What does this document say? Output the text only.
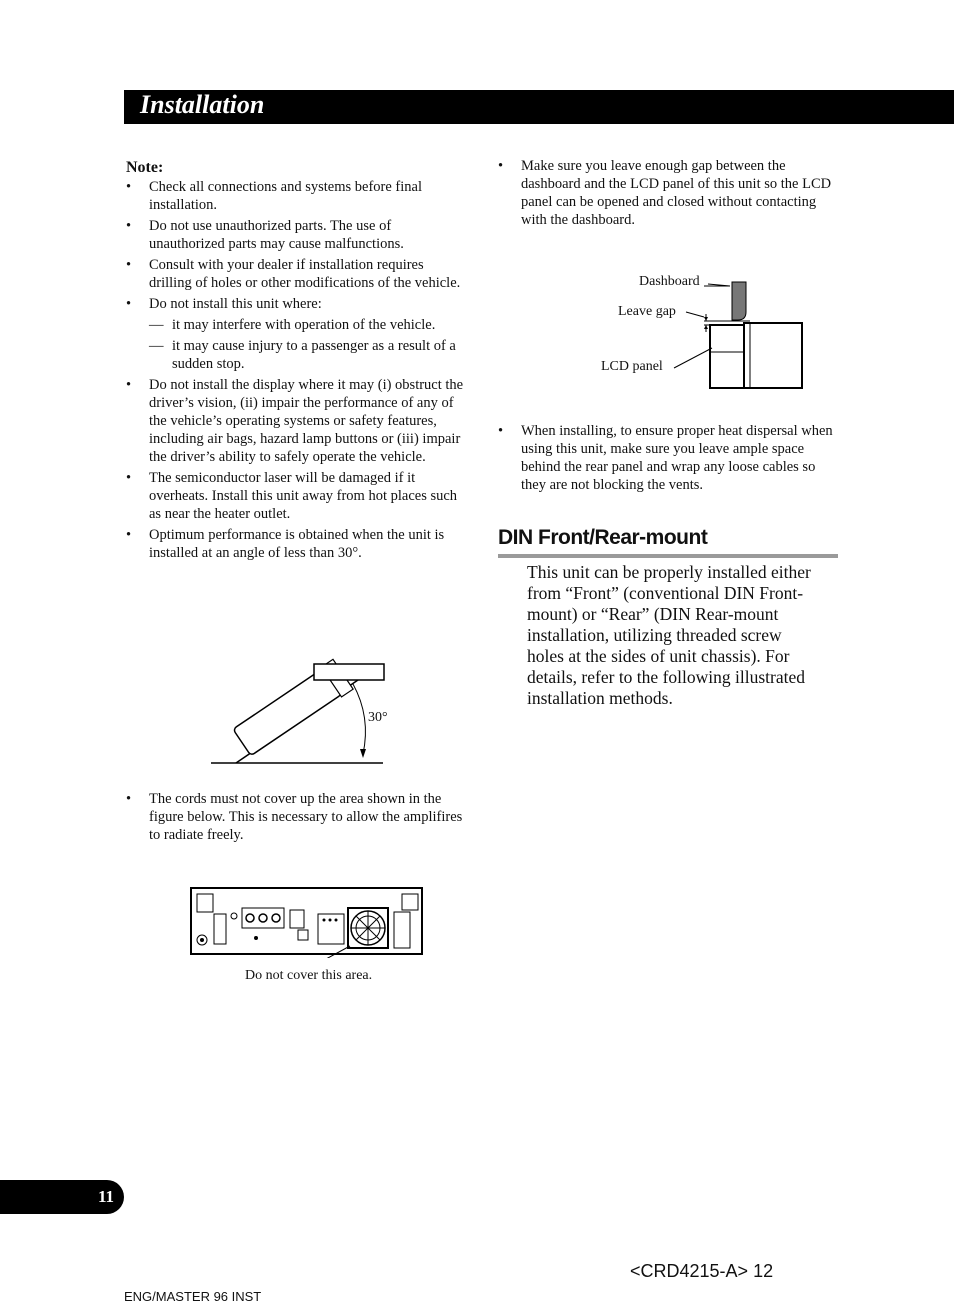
Installation
Note:
• Check all connections and systems before final installation.
• Do not use unauthorized parts. The use of unauthorized parts may cause malfunctions.
• Consult with your dealer if installation requires drilling of holes or other modifications of the vehicle.
• Do not install this unit where:
— it may interfere with operation of the vehicle.
— it may cause injury to a passenger as a result of a sudden stop.
• Do not install the display where it may (i) obstruct the driver’s vision, (ii) impair the performance of any of the vehicle’s operating systems or safety features, including air bags, hazard lamp buttons or (iii) impair the driver’s ability to safely operate the vehicle.
• The semiconductor laser will be damaged if it overheats. Install this unit away from hot places such as near the heater outlet.
• Optimum performance is obtained when the unit is installed at an angle of less than 30°.
30°
• The cords must not cover up the area shown in the figure below. This is necessary to allow the amplifires to radiate freely.
Do not cover this area.
• Make sure you leave enough gap between the dashboard and the LCD panel of this unit so the LCD panel can be opened and closed without contacting with the dashboard.
Dashboard
Leave gap
LCD panel
• When installing, to ensure proper heat dispersal when using this unit, make sure you leave ample space behind the rear panel and wrap any loose cables so they are not blocking the vents.
DIN Front/Rear-mount
This unit can be properly installed either from “Front” (conventional DIN Front-mount) or “Rear” (DIN Rear-mount installation, utilizing threaded screw holes at the sides of unit chassis). For details, refer to the following illustrated installation methods.
11
<CRD4215-A> 12
ENG/MASTER 96 INST
